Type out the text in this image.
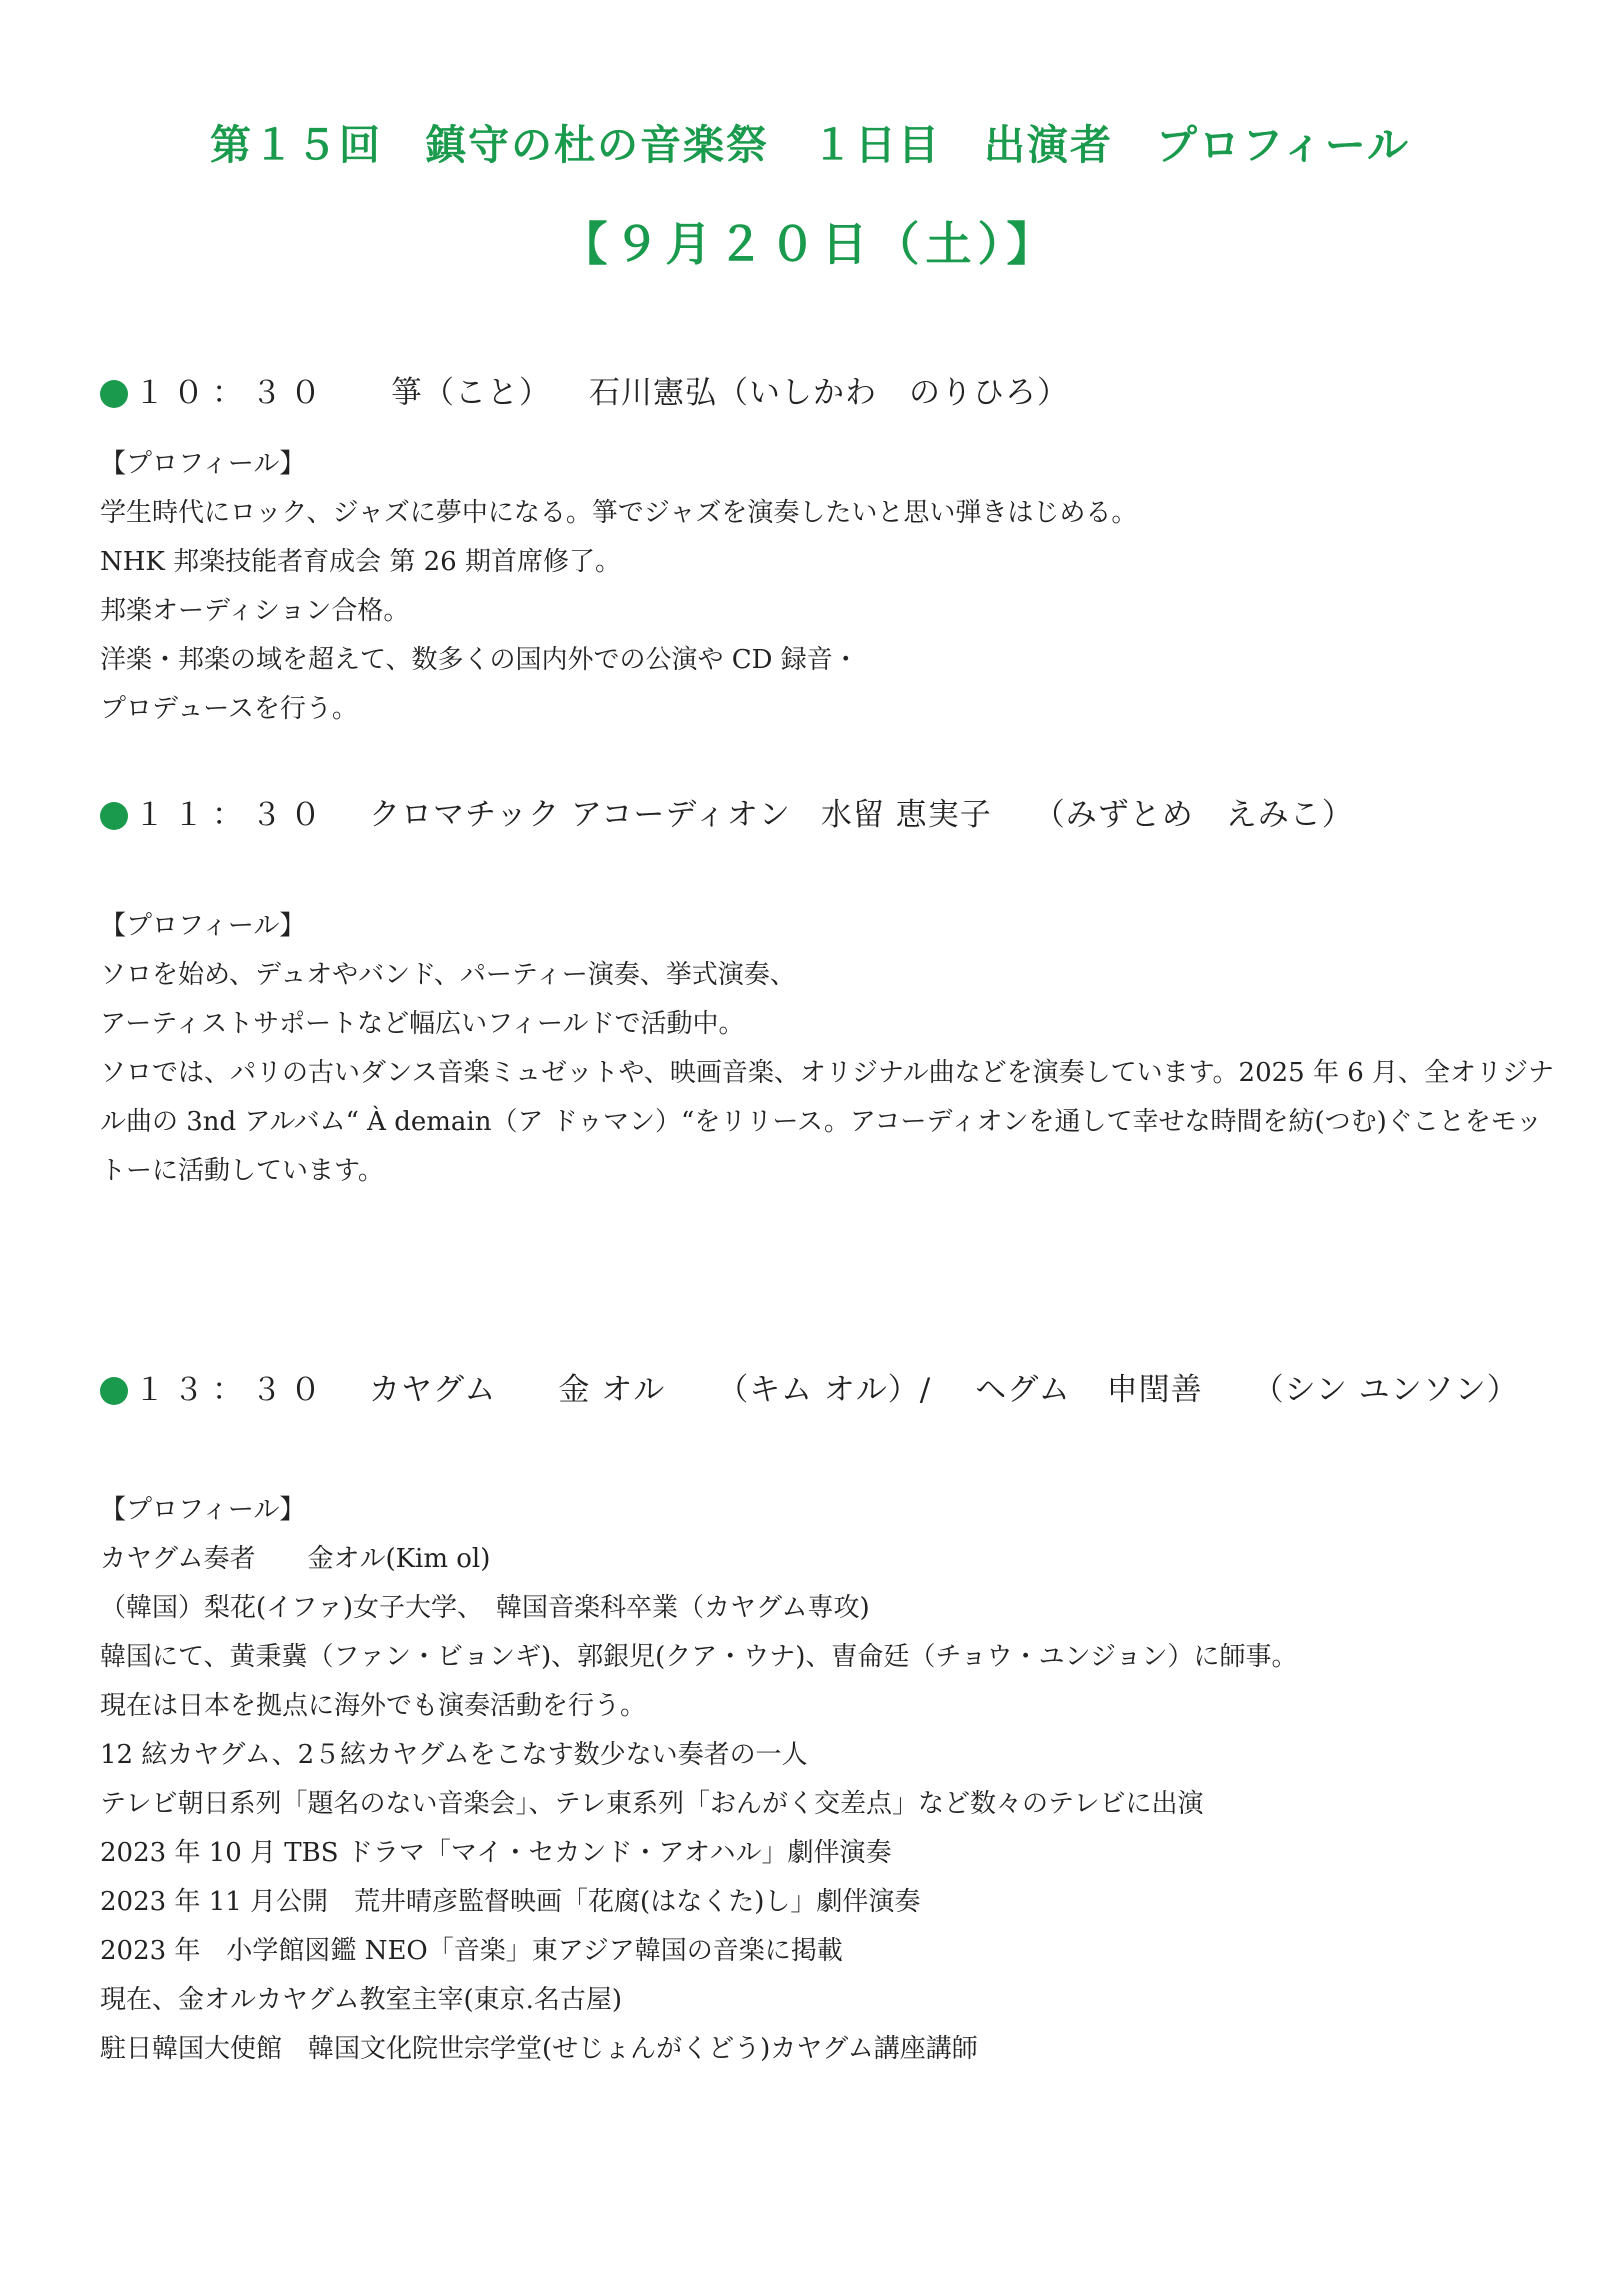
第１５回　鎮守の杜の音楽祭　１日目　出演者　プロフィール
【９月２０日（土）】
１０：３０ 箏（こと） 石川憲弘（いしかわ　のりひろ）
【プロフィール】
学生時代にロック、ジャズに夢中になる。箏でジャズを演奏したいと思い弾きはじめる。
NHK 邦楽技能者育成会 第 26 期首席修了。
邦楽オーディション合格。
洋楽・邦楽の域を超えて、数多くの国内外での公演や CD 録音・
プロデュースを行う。
１１：３０ クロマチック アコーディオン 水留 恵実子 （みずとめ　えみこ）
【プロフィール】
ソロを始め、デュオやバンド、パーティー演奏、挙式演奏、
アーティストサポートなど幅広いフィールドで活動中。
ソロでは、パリの古いダンス音楽ミュゼットや、映画音楽、オリジナル曲などを演奏しています。2025 年 6 月、全オリジナル曲の 3nd アルバム“ À demain（ア ドゥマン）“をリリース。アコーディオンを通して幸せな時間を紡(つむ)ぐことをモットーに活動しています。
１３：３０ カヤグム 金 オル （キム オル）/ ヘグム 申閏善 （シン ユンソン）
【プロフィール】
カヤグム奏者　　金オル(Kim ol)
（韓国）梨花(イファ)女子大学、　韓国音楽科卒業（カヤグム専攻)
韓国にて、黄秉冀（ファン・ビョンギ)、郭銀児(クア・ウナ)、曺侖廷（チョウ・ユンジョン）に師事。
現在は日本を拠点に海外でも演奏活動を行う。
12 絃カヤグム、2５絃カヤグムをこなす数少ない奏者の一人
テレビ朝日系列「題名のない音楽会」、テレ東系列「おんがく交差点」など数々のテレビに出演
2023 年 10 月 TBS ドラマ「マイ・セカンド・アオハル」劇伴演奏
2023 年 11 月公開　荒井晴彦監督映画「花腐(はなくた)し」劇伴演奏
2023 年　小学館図鑑 NEO「音楽」東アジア韓国の音楽に掲載
現在、金オルカヤグム教室主宰(東京.名古屋)
駐日韓国大使館　韓国文化院世宗学堂(せじょんがくどう)カヤグム講座講師
